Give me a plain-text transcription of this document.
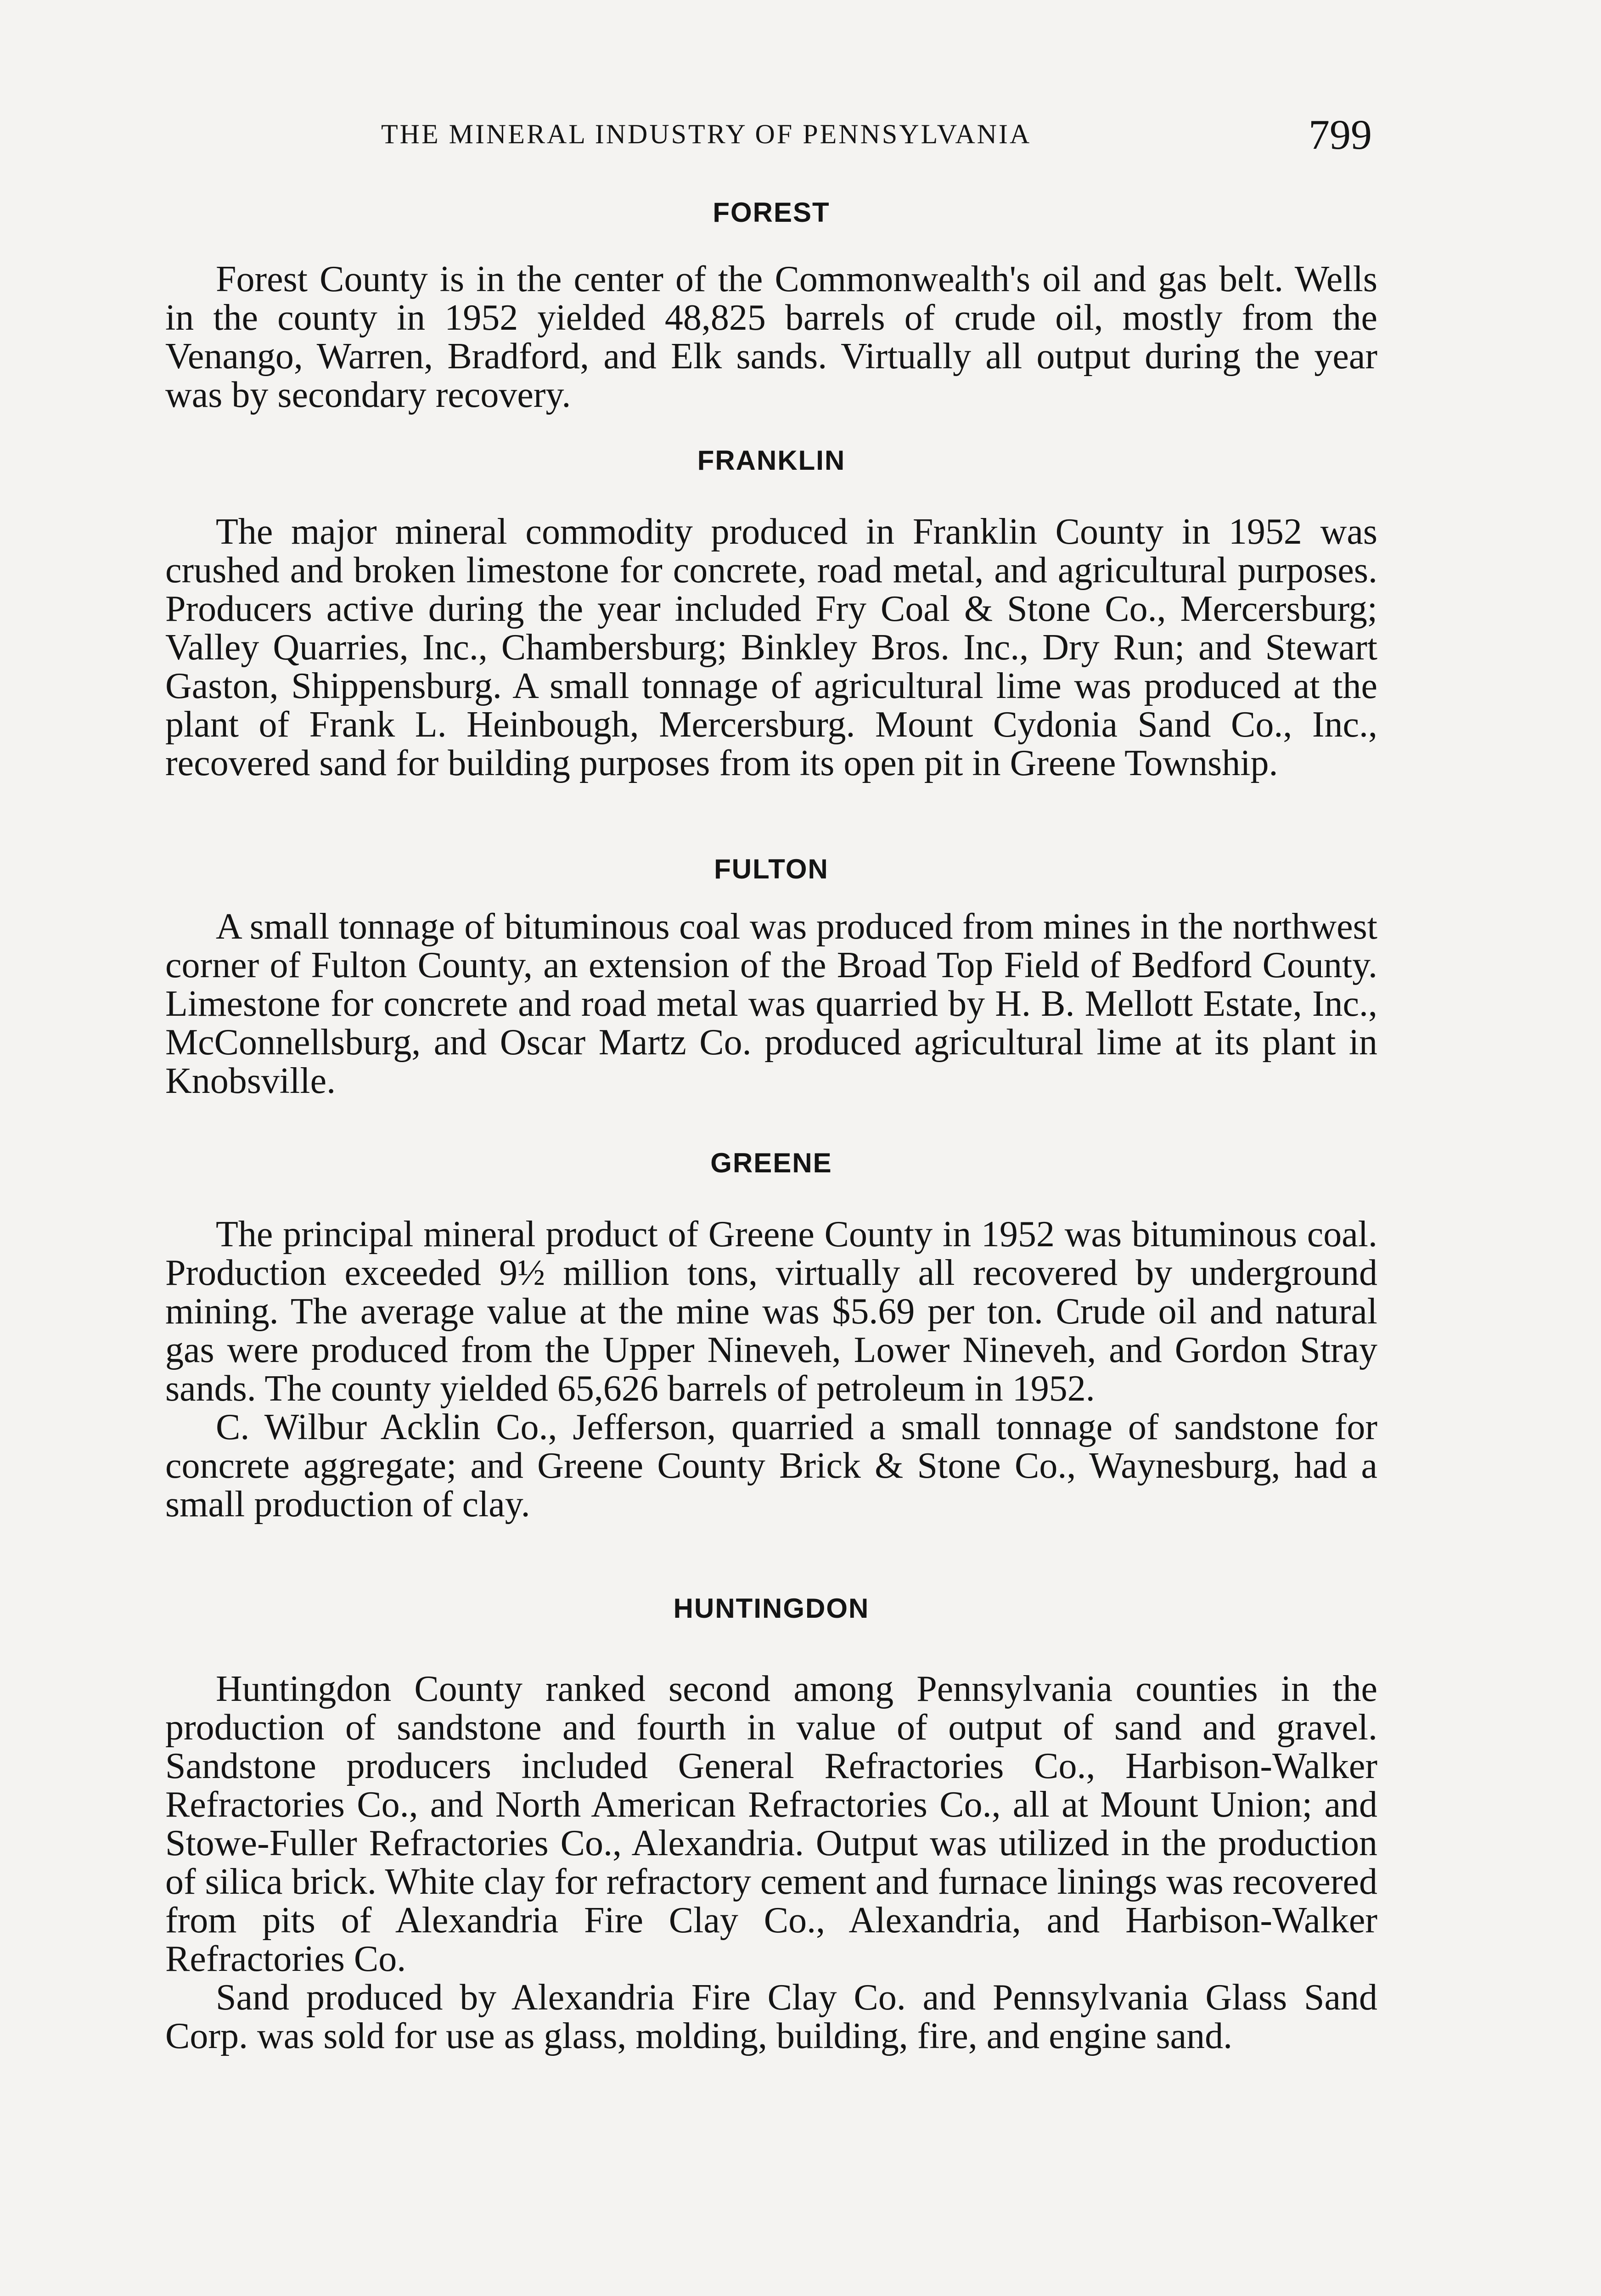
THE MINERAL INDUSTRY OF PENNSYLVANIA	799
FOREST

Forest County is in the center of the Commonwealth's oil and gas belt. Wells in the county in 1952 yielded 48,825 barrels of crude oil, mostly from the Venango, Warren, Bradford, and Elk sands. Virtually all output during the year was by secondary recovery.

FRANKLIN

The major mineral commodity produced in Franklin County in 1952 was crushed and broken limestone for concrete, road metal, and agricultural purposes. Producers active during the year included Fry Coal & Stone Co., Mercersburg; Valley Quarries, Inc., Chambersburg; Binkley Bros. Inc., Dry Run; and Stewart Gaston, Shippensburg. A small tonnage of agricultural lime was produced at the plant of Frank L. Heinbough, Mercersburg. Mount Cydonia Sand Co., Inc., recovered sand for building purposes from its open pit in Greene Township.

FULTON

A small tonnage of bituminous coal was produced from mines in the northwest corner of Fulton County, an extension of the Broad Top Field of Bedford County. Limestone for concrete and road metal was quarried by H. B. Mellott Estate, Inc., McConnellsburg, and Oscar Martz Co. produced agricultural lime at its plant in Knobsville.

GREENE

The principal mineral product of Greene County in 1952 was bituminous coal. Production exceeded 9½ million tons, virtually all recovered by underground mining. The average value at the mine was $5.69 per ton. Crude oil and natural gas were produced from the Upper Nineveh, Lower Nineveh, and Gordon Stray sands. The county yielded 65,626 barrels of petroleum in 1952.

C. Wilbur Acklin Co., Jefferson, quarried a small tonnage of sandstone for concrete aggregate; and Greene County Brick & Stone Co., Waynesburg, had a small production of clay.

HUNTINGDON

Huntingdon County ranked second among Pennsylvania counties in the production of sandstone and fourth in value of output of sand and gravel. Sandstone producers included General Refractories Co., Harbison-Walker Refractories Co., and North American Refractories Co., all at Mount Union; and Stowe-Fuller Refractories Co., Alexandria. Output was utilized in the production of silica brick. White clay for refractory cement and furnace linings was recovered from pits of Alexandria Fire Clay Co., Alexandria, and Harbison-Walker Refractories Co.

Sand produced by Alexandria Fire Clay Co. and Pennsylvania Glass Sand Corp. was sold for use as glass, molding, building, fire, and engine sand.
